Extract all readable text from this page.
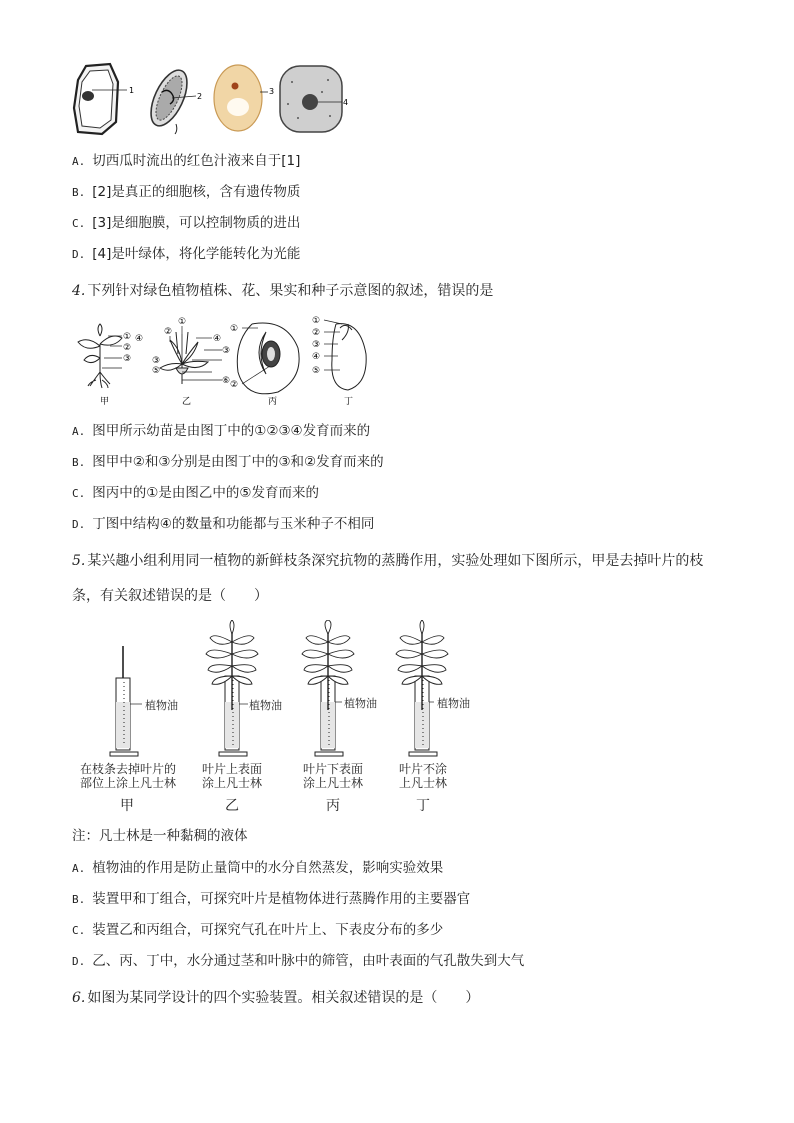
1
2
3
4
A. 切西瓜时流出的红色汁液来自于[1]
B. [2]是真正的细胞核，含有遗传物质
C. [3]是细胞膜，可以控制物质的进出
D. [4]是叶绿体，将化学能转化为光能
4. 下列针对绿色植物植株、花、果实和种子示意图的叙述，错误的是
① ④
②
③
甲
①
②
④
③
③
⑤
⑥
乙
①
②
丙
①
②
③
④
⑤
丁
A. 图甲所示幼苗是由图丁中的①②③④发育而来的
B. 图甲中②和③分别是由图丁中的③和②发育而来的
C. 图丙中的①是由图乙中的⑤发育而来的
D. 丁图中结构④的数量和功能都与玉米种子不相同
5. 某兴趣小组利用同一植物的新鲜枝条深究抗物的蒸腾作用，实验处理如下图所示，甲是去掉叶片的枝
条，有关叙述错误的是（　　）
植物油	植物油	植物油	植物油
在枝条去掉叶片的
部位上涂上凡士林
叶片上表面
涂上凡士林
叶片下表面
涂上凡士林
叶片不涂
上凡士林
甲	乙	丙	丁
注：凡士林是一种黏稠的液体
A. 植物油的作用是防止量筒中的水分自然蒸发，影响实验效果
B. 装置甲和丁组合，可探究叶片是植物体进行蒸腾作用的主要器官
C. 装置乙和丙组合，可探究气孔在叶片上、下表皮分布的多少
D. 乙、丙、丁中，水分通过茎和叶脉中的筛管，由叶表面的气孔散失到大气
6. 如图为某同学设计的四个实验装置。相关叙述错误的是（　　）
